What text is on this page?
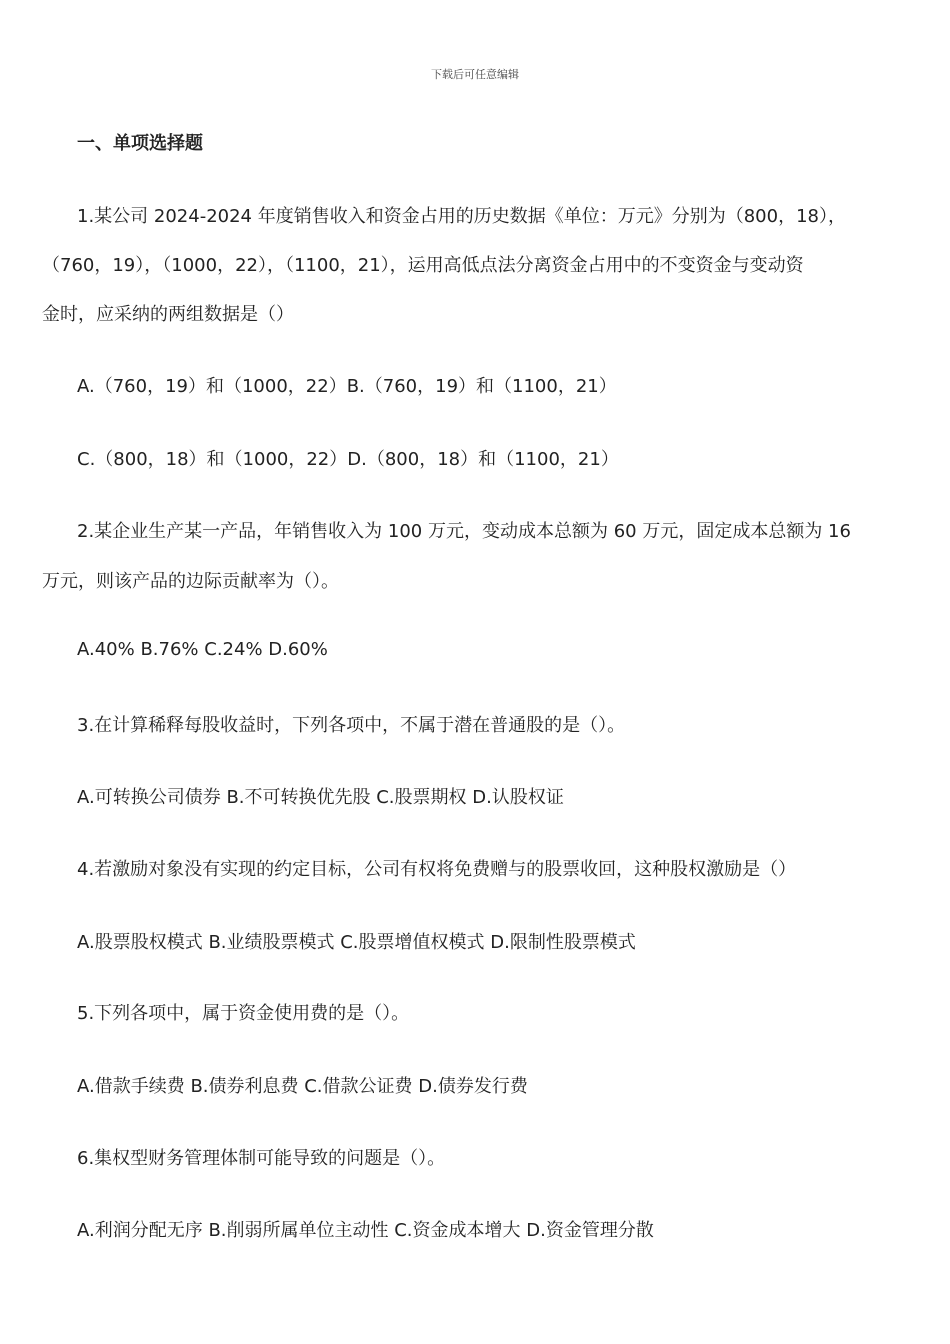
下载后可任意编辑
一、单项选择题
1.某公司 2024-2024 年度销售收入和资金占用的历史数据《单位：万元》分别为（800，18），
（760，19），（1000，22），（1100，21），运用高低点法分离资金占用中的不变资金与变动资
金时，应采纳的两组数据是（）
A.（760，19）和（1000，22）B.（760，19）和（1100，21）
C.（800，18）和（1000，22）D.（800，18）和（1100，21）
2.某企业生产某一产品，年销售收入为 100 万元，变动成本总额为 60 万元，固定成本总额为 16
万元，则该产品的边际贡献率为（）。
A.40% B.76% C.24% D.60%
3.在计算稀释每股收益时，下列各项中，不属于潜在普通股的是（）。
A.可转换公司债券 B.不可转换优先股 C.股票期权 D.认股权证
4.若激励对象没有实现的约定目标，公司有权将免费赠与的股票收回，这种股权激励是（）
A.股票股权模式 B.业绩股票模式 C.股票增值权模式 D.限制性股票模式
5.下列各项中，属于资金使用费的是（）。
A.借款手续费 B.债券利息费 C.借款公证费 D.债券发行费
6.集权型财务管理体制可能导致的问题是（）。
A.利润分配无序 B.削弱所属单位主动性 C.资金成本增大 D.资金管理分散
